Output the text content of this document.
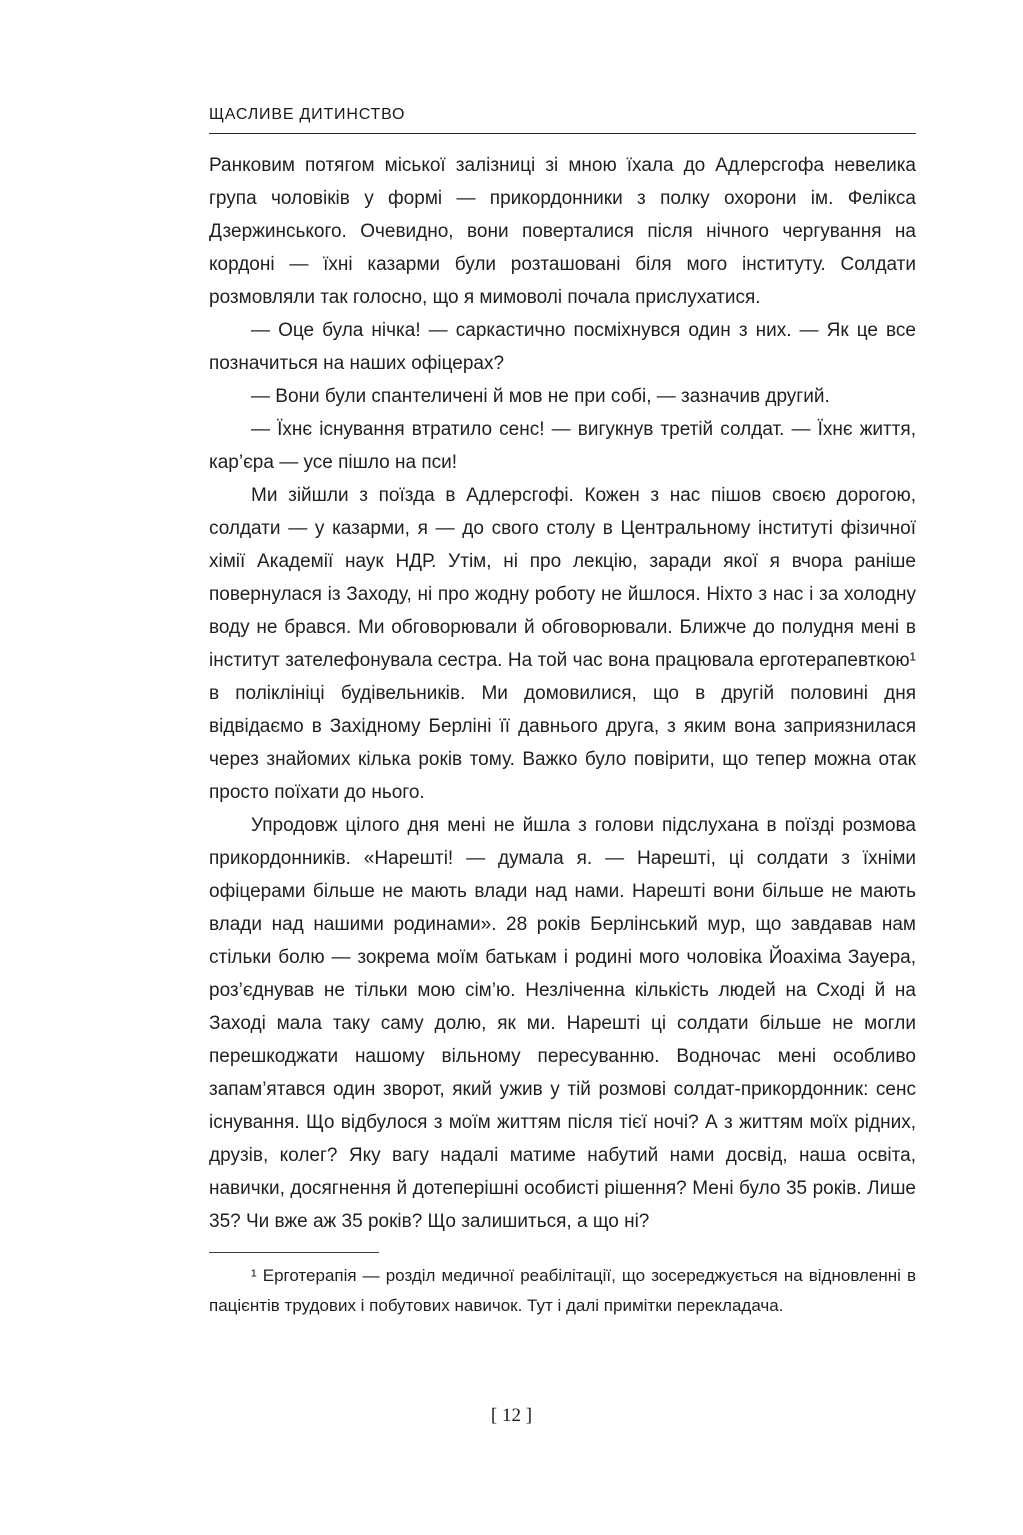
ЩАСЛИВЕ ДИТИНСТВО

Ранковим потягом міської залізниці зі мною їхала до Адлерсгофа невелика група чоловіків у формі — прикордонники з полку охорони ім. Фелікса Дзержинського. Очевидно, вони поверталися після нічного чергування на кордоні — їхні казарми були розташовані біля мого інституту. Солдати розмовляли так голосно, що я мимоволі почала прислухатися.

— Оце була нічка! — саркастично посміхнувся один з них. — Як це все позначиться на наших офіцерах?

— Вони були спантеличені й мов не при собі, — зазначив другий.

— Їхнє існування втратило сенс! — вигукнув третій солдат. — Їхнє життя, кар’єра — усе пішло на пси!

Ми зійшли з поїзда в Адлерсгофі. Кожен з нас пішов своєю дорогою, солдати — у казарми, я — до свого столу в Центральному інституті фізичної хімії Академії наук НДР. Утім, ні про лекцію, заради якої я вчора раніше повернулася із Заходу, ні про жодну роботу не йшлося. Ніхто з нас і за холодну воду не брався. Ми обговорювали й обговорювали. Ближче до полудня мені в інститут зателефонувала сестра. На той час вона працювала ерготерапевткою¹ в поліклініці будівельників. Ми домовилися, що в другій половині дня відвідаємо в Західному Берліні її давнього друга, з яким вона заприязнилася через знайомих кілька років тому. Важко було повірити, що тепер можна отак просто поїхати до нього.

Упродовж цілого дня мені не йшла з голови підслухана в поїзді розмова прикордонників. «Нарешті! — думала я. — Нарешті, ці солдати з їхніми офіцерами більше не мають влади над нами. Нарешті вони більше не мають влади над нашими родинами». 28 років Берлінський мур, що завдавав нам стільки болю — зокрема моїм батькам і родині мого чоловіка Йоахіма Зауера, роз’єднував не тільки мою сім’ю. Незліченна кількість людей на Сході й на Заході мала таку саму долю, як ми. Нарешті ці солдати більше не могли перешкоджати нашому вільному пересуванню. Водночас мені особливо запам’ятався один зворот, який ужив у тій розмові солдат-прикордонник: сенс існування. Що відбулося з моїм життям після тієї ночі? А з життям моїх рідних, друзів, колег? Яку вагу надалі матиме набутий нами досвід, наша освіта, навички, досягнення й дотеперішні особисті рішення? Мені було 35 років. Лише 35? Чи вже аж 35 років? Що залишиться, а що ні?

¹ Ерготерапія — розділ медичної реабілітації, що зосереджується на відновленні в пацієнтів трудових і побутових навичок. Тут і далі примітки перекладача.
[ 12 ]
